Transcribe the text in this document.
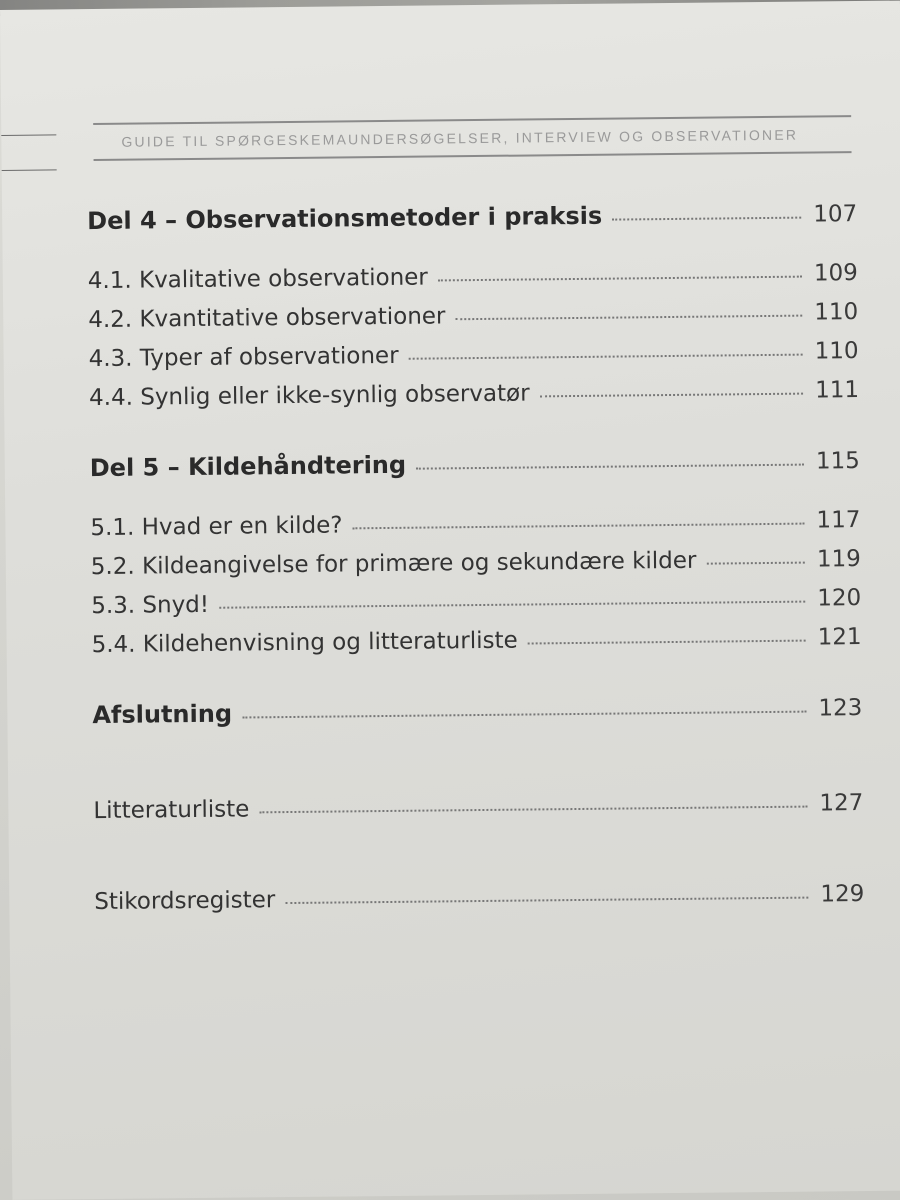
GUIDE TIL SPØRGESKEMAUNDERSØGELSER, INTERVIEW OG OBSERVATIONER
Del 4 – Observationsmetoder i praksis	107
4.1. Kvalitative observationer	109
4.2. Kvantitative observationer	110
4.3. Typer af observationer	110
4.4. Synlig eller ikke-synlig observatør	111
Del 5 – Kildehåndtering	115
5.1. Hvad er en kilde?	117
5.2. Kildeangivelse for primære og sekundære kilder	119
5.3. Snyd!	120
5.4. Kildehenvisning og litteraturliste	121
Afslutning	123
Litteraturliste	127
Stikordsregister	129
